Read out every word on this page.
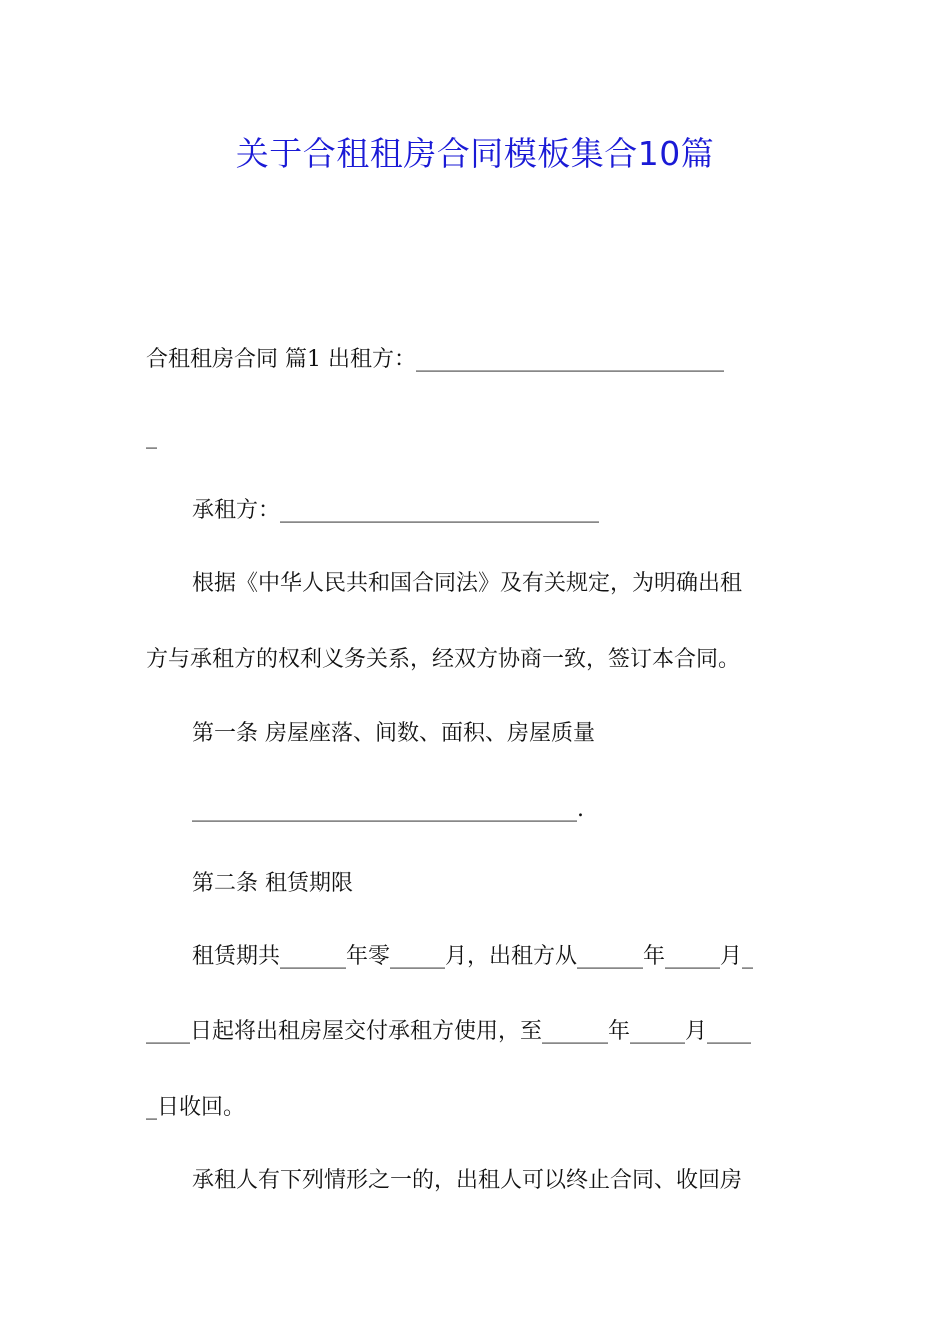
关于合租租房合同模板集合10篇
合租租房合同 篇1 出租方：____________________________
_
承租方：_____________________________
根据《中华人民共和国合同法》及有关规定，为明确出租
方与承租方的权利义务关系，经双方协商一致，签订本合同。
第一条 房屋座落、间数、面积、房屋质量
___________________________________.
第二条 租赁期限
租赁期共______年零_____月，出租方从______年_____月_
____日起将出租房屋交付承租方使用，至______年_____月____
_日收回。
承租人有下列情形之一的，出租人可以终止合同、收回房
